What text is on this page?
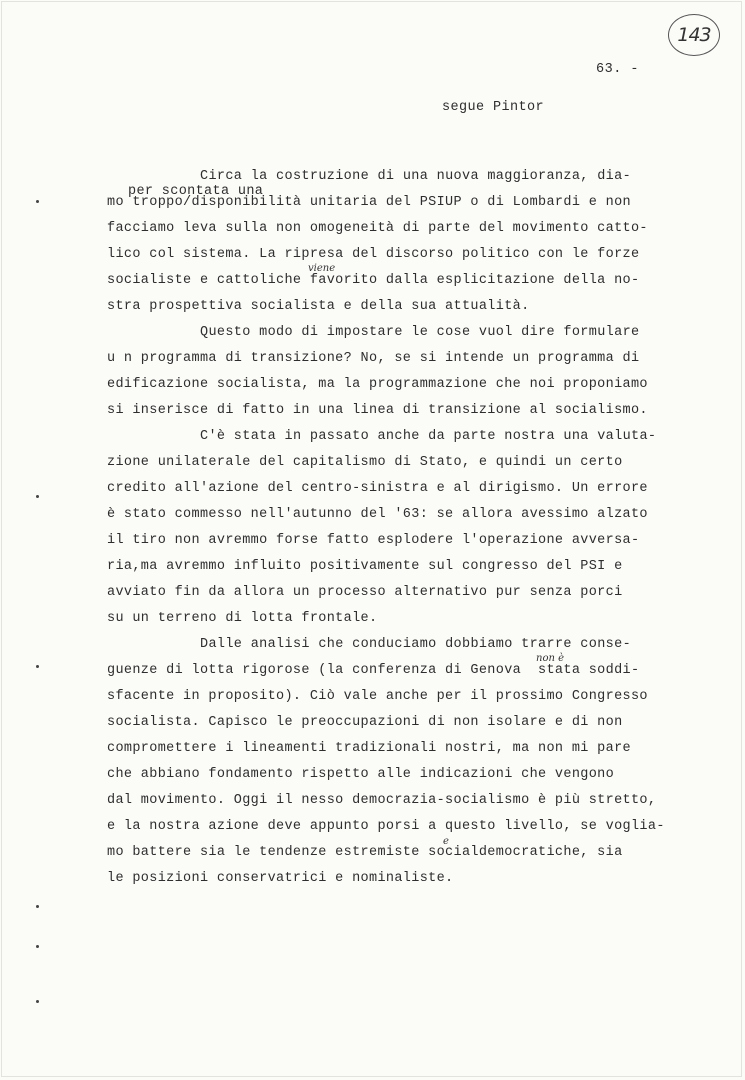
143
63. -
segue Pintor
per scontata una
Circa la costruzione di una nuova maggioranza, dia-
mo troppo/disponibilità unitaria del PSIUP o di Lombardi e non
facciamo leva sulla non omogeneità di parte del movimento catto-
lico col sistema. La ripresa del discorso politico con le forze
socialiste e cattoliche favorito dalla esplicitazione della no-
stra prospettiva socialista e della sua attualità.
Questo modo di impostare le cose vuol dire formulare
u n programma di transizione? No, se si intende un programma di
edificazione socialista, ma la programmazione che noi proponiamo
si inserisce di fatto in una linea di transizione al socialismo.
C'è stata in passato anche da parte nostra una valuta-
zione unilaterale del capitalismo di Stato, e quindi un certo
credito all'azione del centro-sinistra e al dirigismo. Un errore
è stato commesso nell'autunno del '63: se allora avessimo alzato
il tiro non avremmo forse fatto esplodere l'operazione avversa-
ria,ma avremmo influito positivamente sul congresso del PSI e
avviato fin da allora un processo alternativo pur senza porci
su un terreno di lotta frontale.
Dalle analisi che conduciamo dobbiamo trarre conse-
guenze di lotta rigorose (la conferenza di Genova  stata soddi-
sfacente in proposito). Ciò vale anche per il prossimo Congresso
socialista. Capisco le preoccupazioni di non isolare e di non
compromettere i lineamenti tradizionali nostri, ma non mi pare
che abbiano fondamento rispetto alle indicazioni che vengono
dal movimento. Oggi il nesso democrazia-socialismo è più stretto,
e la nostra azione deve appunto porsi a questo livello, se voglia-
mo battere sia le tendenze estremiste socialdemocratiche, sia
le posizioni conservatrici e nominaliste.
viene
non è
e
